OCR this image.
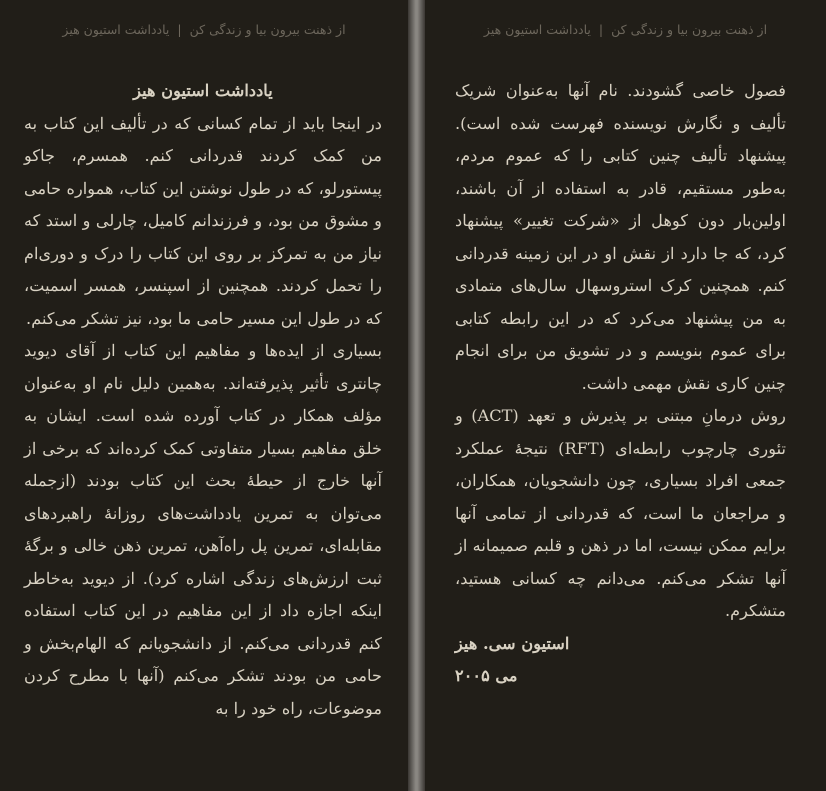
از ذهنت بیرون بیا و زندگی کن|یادداشت استیون هیز

یادداشت استیون هیز

در اینجا باید از تمام کسانی که در تألیف این کتاب به من کمک کردند قدردانی کنم. همسرم، جاکو پیستورلو، که در طول نوشتن این کتاب، همواره حامی و مشوق من بود، و فرزندانم کامیل، چارلی و استد که نیاز من به تمرکز بر روی این کتاب را درک و دوری‌ام را تحمل کردند. همچنین از اسپنسر، همسر اسمیت، که در طول این مسیر حامی ما بود، نیز تشکر می‌کنم.

بسیاری از ایده‌ها و مفاهیم این کتاب از آقای دیوید چانتری تأثیر پذیرفته‌اند. به‌همین دلیل نام او به‌عنوان مؤلف همکار در کتاب آورده شده است. ایشان به خلق مفاهیم بسیار متفاوتی کمک کرده‌اند که برخی از آنها خارج از حیطهٔ بحث این کتاب بودند (ازجمله می‌توان به تمرین یادداشت‌های روزانهٔ راهبردهای مقابله‌ای، تمرین پل راه‌آهن، تمرین ذهن خالی و برگهٔ ثبت ارزش‌های زندگی اشاره کرد). از دیوید به‌خاطر اینکه اجازه داد از این مفاهیم در این کتاب استفاده کنم قدردانی می‌کنم. از دانشجویانم که الهام‌بخش و حامی من بودند تشکر می‌کنم (آنها با مطرح کردن موضوعات، راه خود را به

از ذهنت بیرون بیا و زندگی کن|یادداشت استیون هیز

فصول خاصی گشودند. نام آنها به‌عنوان شریک تألیف و نگارش نویسنده فهرست شده است). پیشنهاد تألیف چنین کتابی را که عموم مردم، به‌طور مستقیم، قادر به استفاده از آن باشند، اولین‌بار دون کوهل از «شرکت تغییر» پیشنهاد کرد، که جا دارد از نقش او در این زمینه قدردانی کنم. همچنین کرک استروسهال سال‌های متمادی به من پیشنهاد می‌کرد که در این رابطه کتابی برای عموم بنویسم و در تشویق من برای انجام چنین کاری نقش مهمی داشت.

روش درمانِ مبتنی بر پذیرش و تعهد (ACT) و تئوری چارچوب رابطه‌ای (RFT) نتیجهٔ عملکرد جمعی افراد بسیاری، چون دانشجویان، همکاران، و مراجعان ما است، که قدردانی از تمامی آنها برایم ممکن نیست، اما در ذهن و قلبم صمیمانه از آنها تشکر می‌کنم. می‌دانم چه کسانی هستید، متشکرم.

استیون سی. هیز

می ۲۰۰۵
